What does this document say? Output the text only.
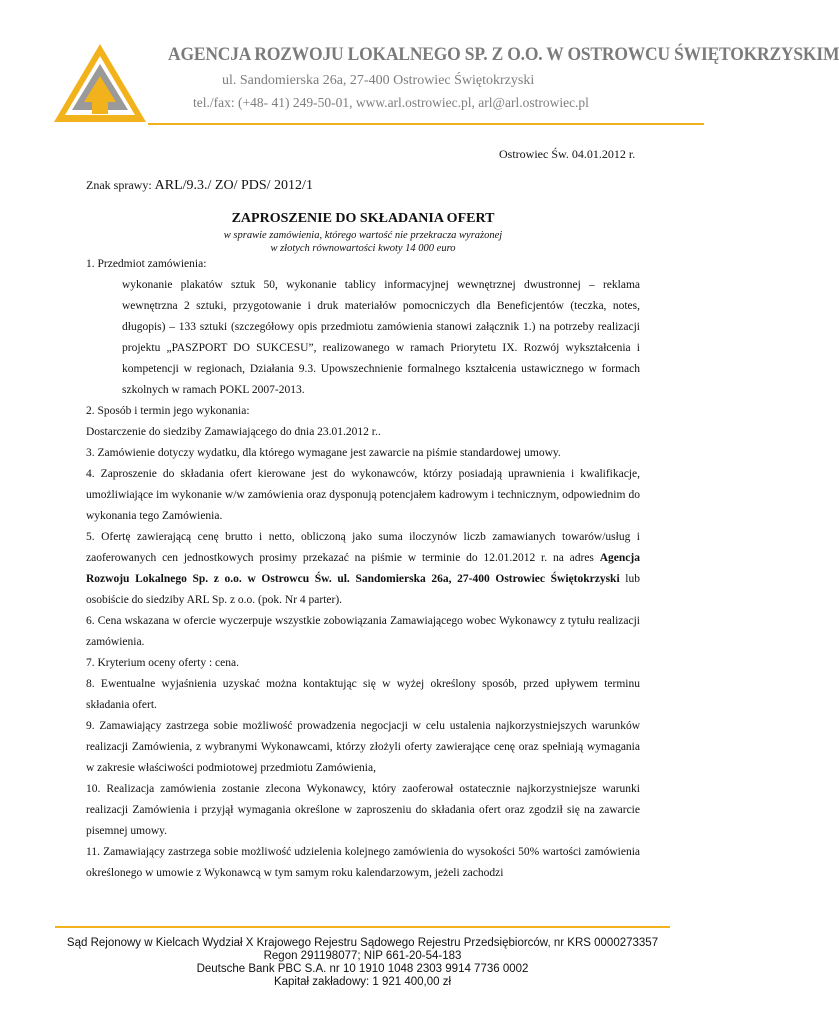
AGENCJA ROZWOJU LOKALNEGO SP. Z O.O. W OSTROWCU ŚWIĘTOKRZYSKIM
ul. Sandomierska 26a, 27-400 Ostrowiec Świętokrzyski
tel./fax: (+48- 41) 249-50-01, www.arl.ostrowiec.pl, arl@arl.ostrowiec.pl
Ostrowiec Św. 04.01.2012 r.
Znak sprawy: ARL/9.3./ ZO/ PDS/ 2012/1
ZAPROSZENIE DO SKŁADANIA OFERT
w sprawie zamówienia, którego wartość nie przekracza wyrażonej
w złotych równowartości kwoty 14 000 euro
1. Przedmiot zamówienia:
wykonanie plakatów sztuk 50, wykonanie tablicy informacyjnej wewnętrznej dwustronnej – reklama wewnętrzna 2 sztuki, przygotowanie i druk materiałów pomocniczych dla Beneficjentów (teczka, notes, długopis) – 133 sztuki (szczegółowy opis przedmiotu zamówienia stanowi załącznik 1.) na potrzeby realizacji projektu „PASZPORT DO SUKCESU”, realizowanego w ramach Priorytetu IX. Rozwój wykształcenia i kompetencji w regionach, Działania 9.3. Upowszechnienie formalnego kształcenia ustawicznego w formach szkolnych w ramach POKL 2007-2013.
2. Sposób i termin jego wykonania:
Dostarczenie do siedziby Zamawiającego do dnia 23.01.2012 r..
3. Zamówienie dotyczy wydatku, dla którego wymagane jest zawarcie na piśmie standardowej umowy.
4. Zaproszenie do składania ofert kierowane jest do wykonawców, którzy posiadają uprawnienia i kwalifikacje, umożliwiające im wykonanie w/w zamówienia oraz dysponują potencjałem kadrowym i technicznym, odpowiednim do wykonania tego Zamówienia.
5. Ofertę zawierającą cenę brutto i netto, obliczoną jako suma iloczynów liczb zamawianych towarów/usług i zaoferowanych cen jednostkowych prosimy przekazać na piśmie w terminie do 12.01.2012 r. na adres Agencja Rozwoju Lokalnego Sp. z o.o. w Ostrowcu Św. ul. Sandomierska 26a, 27-400 Ostrowiec Świętokrzyski lub osobiście do siedziby ARL Sp. z o.o. (pok. Nr 4 parter).
6. Cena wskazana w ofercie wyczerpuje wszystkie zobowiązania Zamawiającego wobec Wykonawcy z tytułu realizacji zamówienia.
7. Kryterium oceny oferty : cena.
8. Ewentualne wyjaśnienia uzyskać można kontaktując się w wyżej określony sposób, przed upływem terminu składania ofert.
9. Zamawiający zastrzega sobie możliwość prowadzenia negocjacji w celu ustalenia najkorzystniejszych warunków realizacji Zamówienia, z wybranymi Wykonawcami, którzy złożyli oferty zawierające cenę oraz spełniają wymagania w zakresie właściwości podmiotowej przedmiotu Zamówienia,
10. Realizacja zamówienia zostanie zlecona Wykonawcy, który zaoferował ostatecznie najkorzystniejsze warunki realizacji Zamówienia i przyjął wymagania określone w zaproszeniu do składania ofert oraz zgodził się na zawarcie pisemnej umowy.
11. Zamawiający zastrzega sobie możliwość udzielenia kolejnego zamówienia do wysokości 50% wartości zamówienia określonego w umowie z Wykonawcą w tym samym roku kalendarzowym, jeżeli zachodzi
Sąd Rejonowy w Kielcach Wydział X Krajowego Rejestru Sądowego Rejestru Przedsiębiorców, nr KRS 0000273357
Regon 291198077; NIP 661-20-54-183
Deutsche Bank PBC S.A. nr 10 1910 1048 2303 9914 7736 0002
Kapitał zakładowy: 1 921 400,00 zł
